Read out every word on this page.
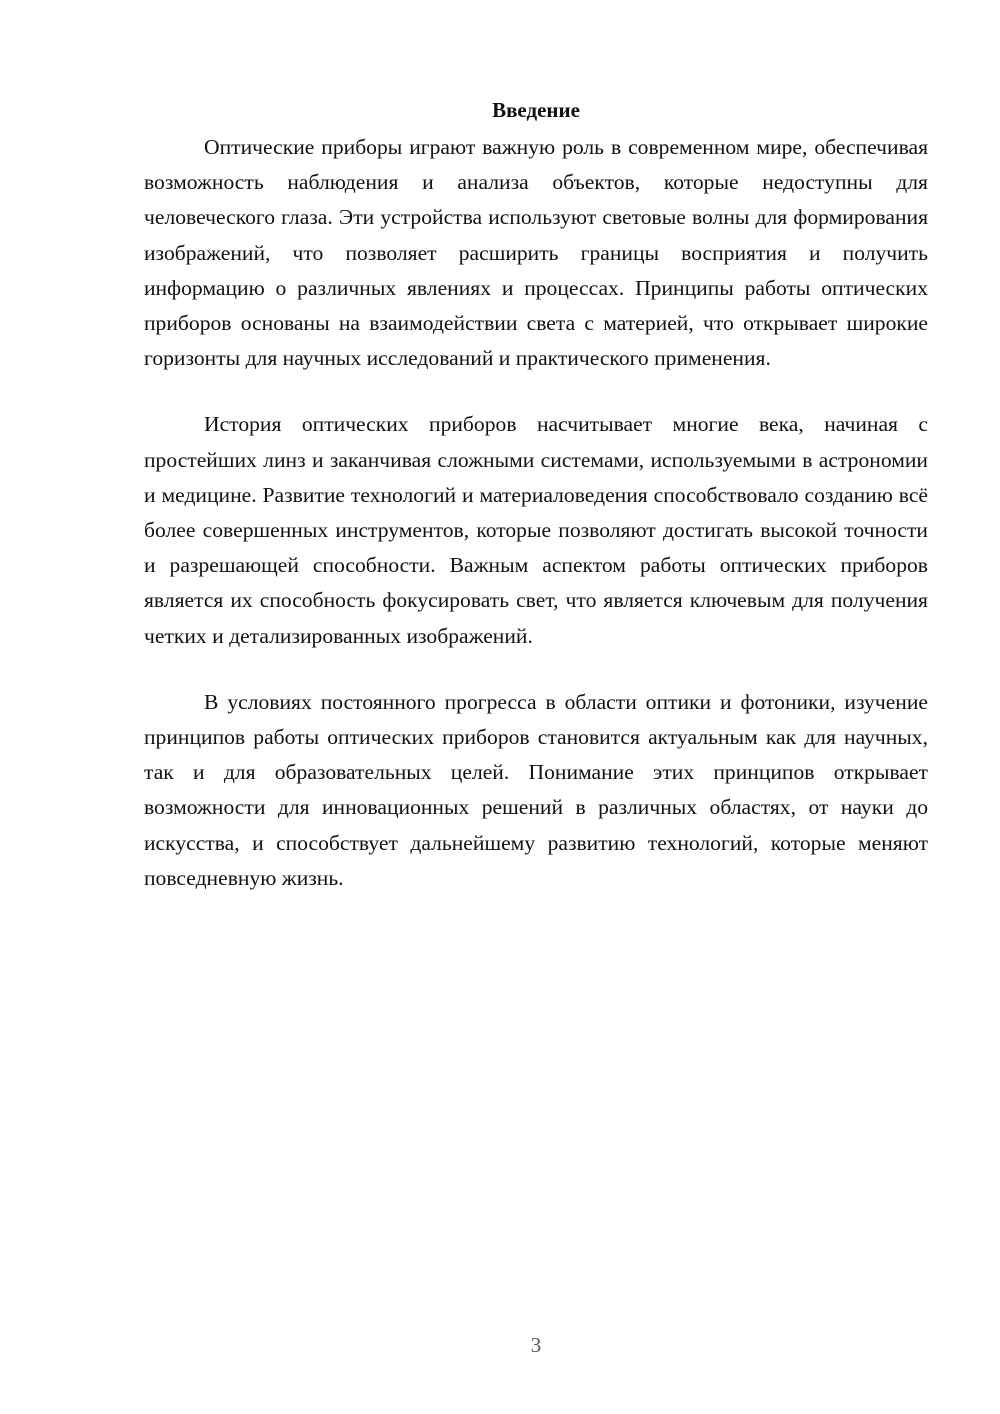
Введение

Оптические приборы играют важную роль в современном мире, обеспечивая возможность наблюдения и анализа объектов, которые недоступны для человеческого глаза. Эти устройства используют световые волны для формирования изображений, что позволяет расширить границы восприятия и получить информацию о различных явлениях и процессах. Принципы работы оптических приборов основаны на взаимодействии света с материей, что открывает широкие горизонты для научных исследований и практического применения.

История оптических приборов насчитывает многие века, начиная с простейших линз и заканчивая сложными системами, используемыми в астрономии и медицине. Развитие технологий и материаловедения способствовало созданию всё более совершенных инструментов, которые позволяют достигать высокой точности и разрешающей способности. Важным аспектом работы оптических приборов является их способность фокусировать свет, что является ключевым для получения четких и детализированных изображений.

В условиях постоянного прогресса в области оптики и фотоники, изучение принципов работы оптических приборов становится актуальным как для научных, так и для образовательных целей. Понимание этих принципов открывает возможности для инновационных решений в различных областях, от науки до искусства, и способствует дальнейшему развитию технологий, которые меняют повседневную жизнь.

3
